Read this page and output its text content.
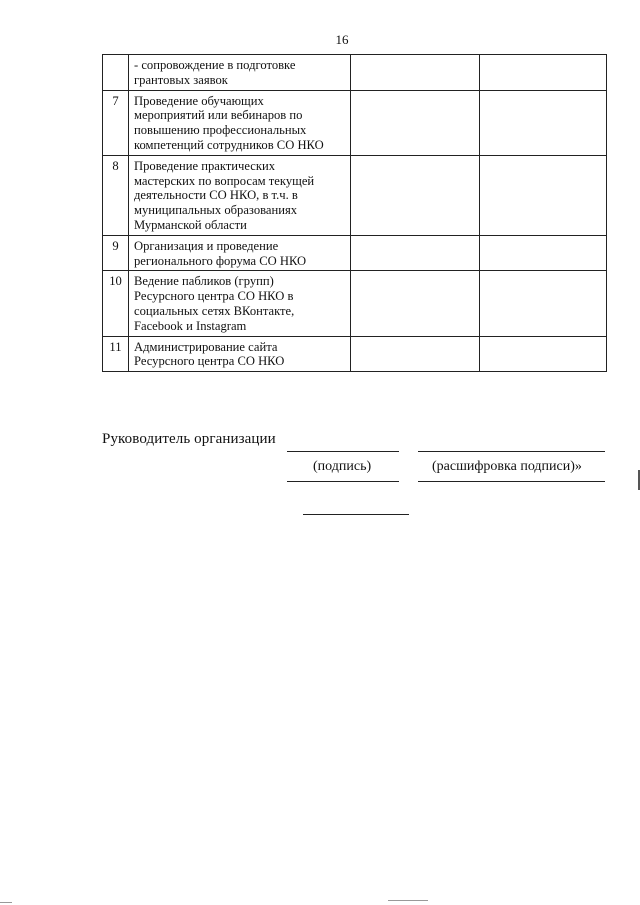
16

	- сопровождение в подготовке
грантовых заявок		

7	Проведение обучающих
мероприятий или вебинаров по
повышению профессиональных
компетенций сотрудников СО НКО		

8	Проведение практических
мастерских по вопросам текущей
деятельности СО НКО, в т.ч. в
муниципальных образованиях
Мурманской области		

9	Организация и проведение
регионального форума СО НКО		

10	Ведение пабликов (групп)
Ресурсного центра СО НКО в
социальных сетях ВКонтакте,
Facebook и Instagram		

11	Администрирование сайта
Ресурсного центра СО НКО		

Руководитель организации
(подпись)	(расшифровка подписи)»
